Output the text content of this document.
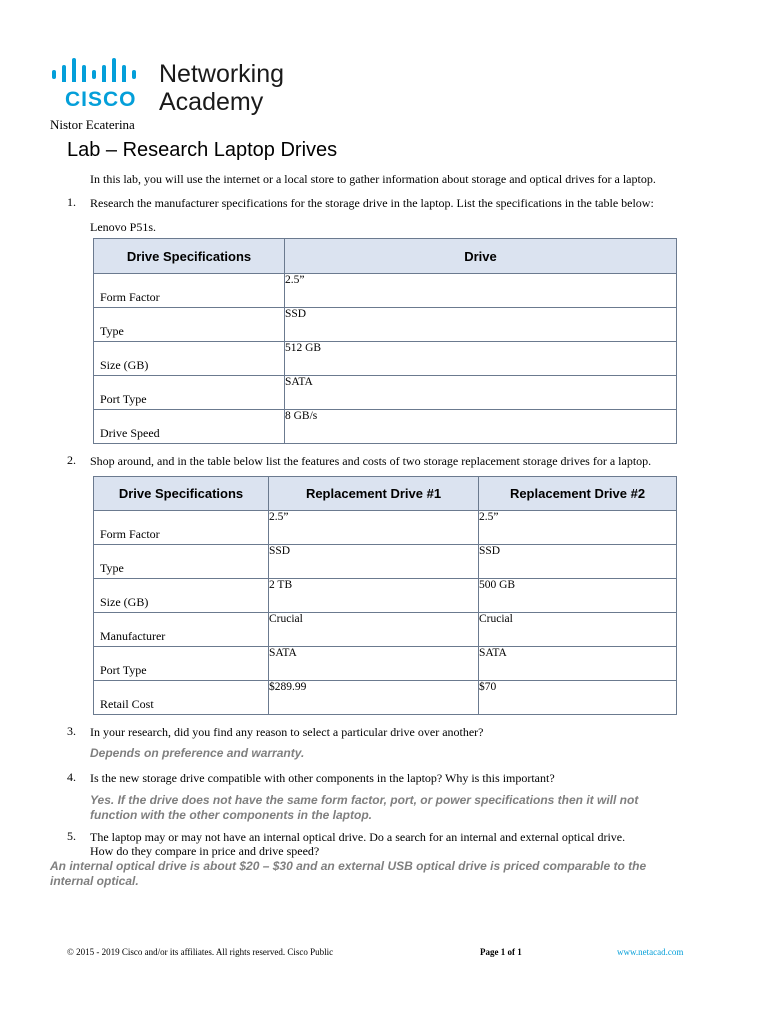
Networking
CISCO Academy
Nistor Ecaterina
Lab – Research Laptop Drives
In this lab, you will use the internet or a local store to gather information about storage and optical drives for a laptop.
1. Research the manufacturer specifications for the storage drive in the laptop. List the specifications in the table below:
Lenovo P51s.
Drive Specifications	Drive
Form Factor	2.5”

Type	SSD

Size (GB)	512 GB

Port Type	SATA

Drive Speed	8 GB/s
2. Shop around, and in the table below list the features and costs of two storage replacement storage drives for a laptop.
Drive Specifications	Replacement Drive #1	Replacement Drive #2
Form Factor	2.5”	2.5”

Type	SSD	SSD

Size (GB)	2 TB	500 GB

Manufacturer	Crucial	Crucial

Port Type	SATA	SATA

Retail Cost	$289.99	$70
3. In your research, did you find any reason to select a particular drive over another?
Depends on preference and warranty.
4. Is the new storage drive compatible with other components in the laptop? Why is this important?
Yes. If the drive does not have the same form factor, port, or power specifications then it will not
function with the other components in the laptop.
5. The laptop may or may not have an internal optical drive. Do a search for an internal and external optical drive.
How do they compare in price and drive speed?
An internal optical drive is about $20 – $30 and an external USB optical drive is priced comparable to the
internal optical.
© 2015 - 2019 Cisco and/or its affiliates. All rights reserved. Cisco Public	Page 1 of 1	www.netacad.com
